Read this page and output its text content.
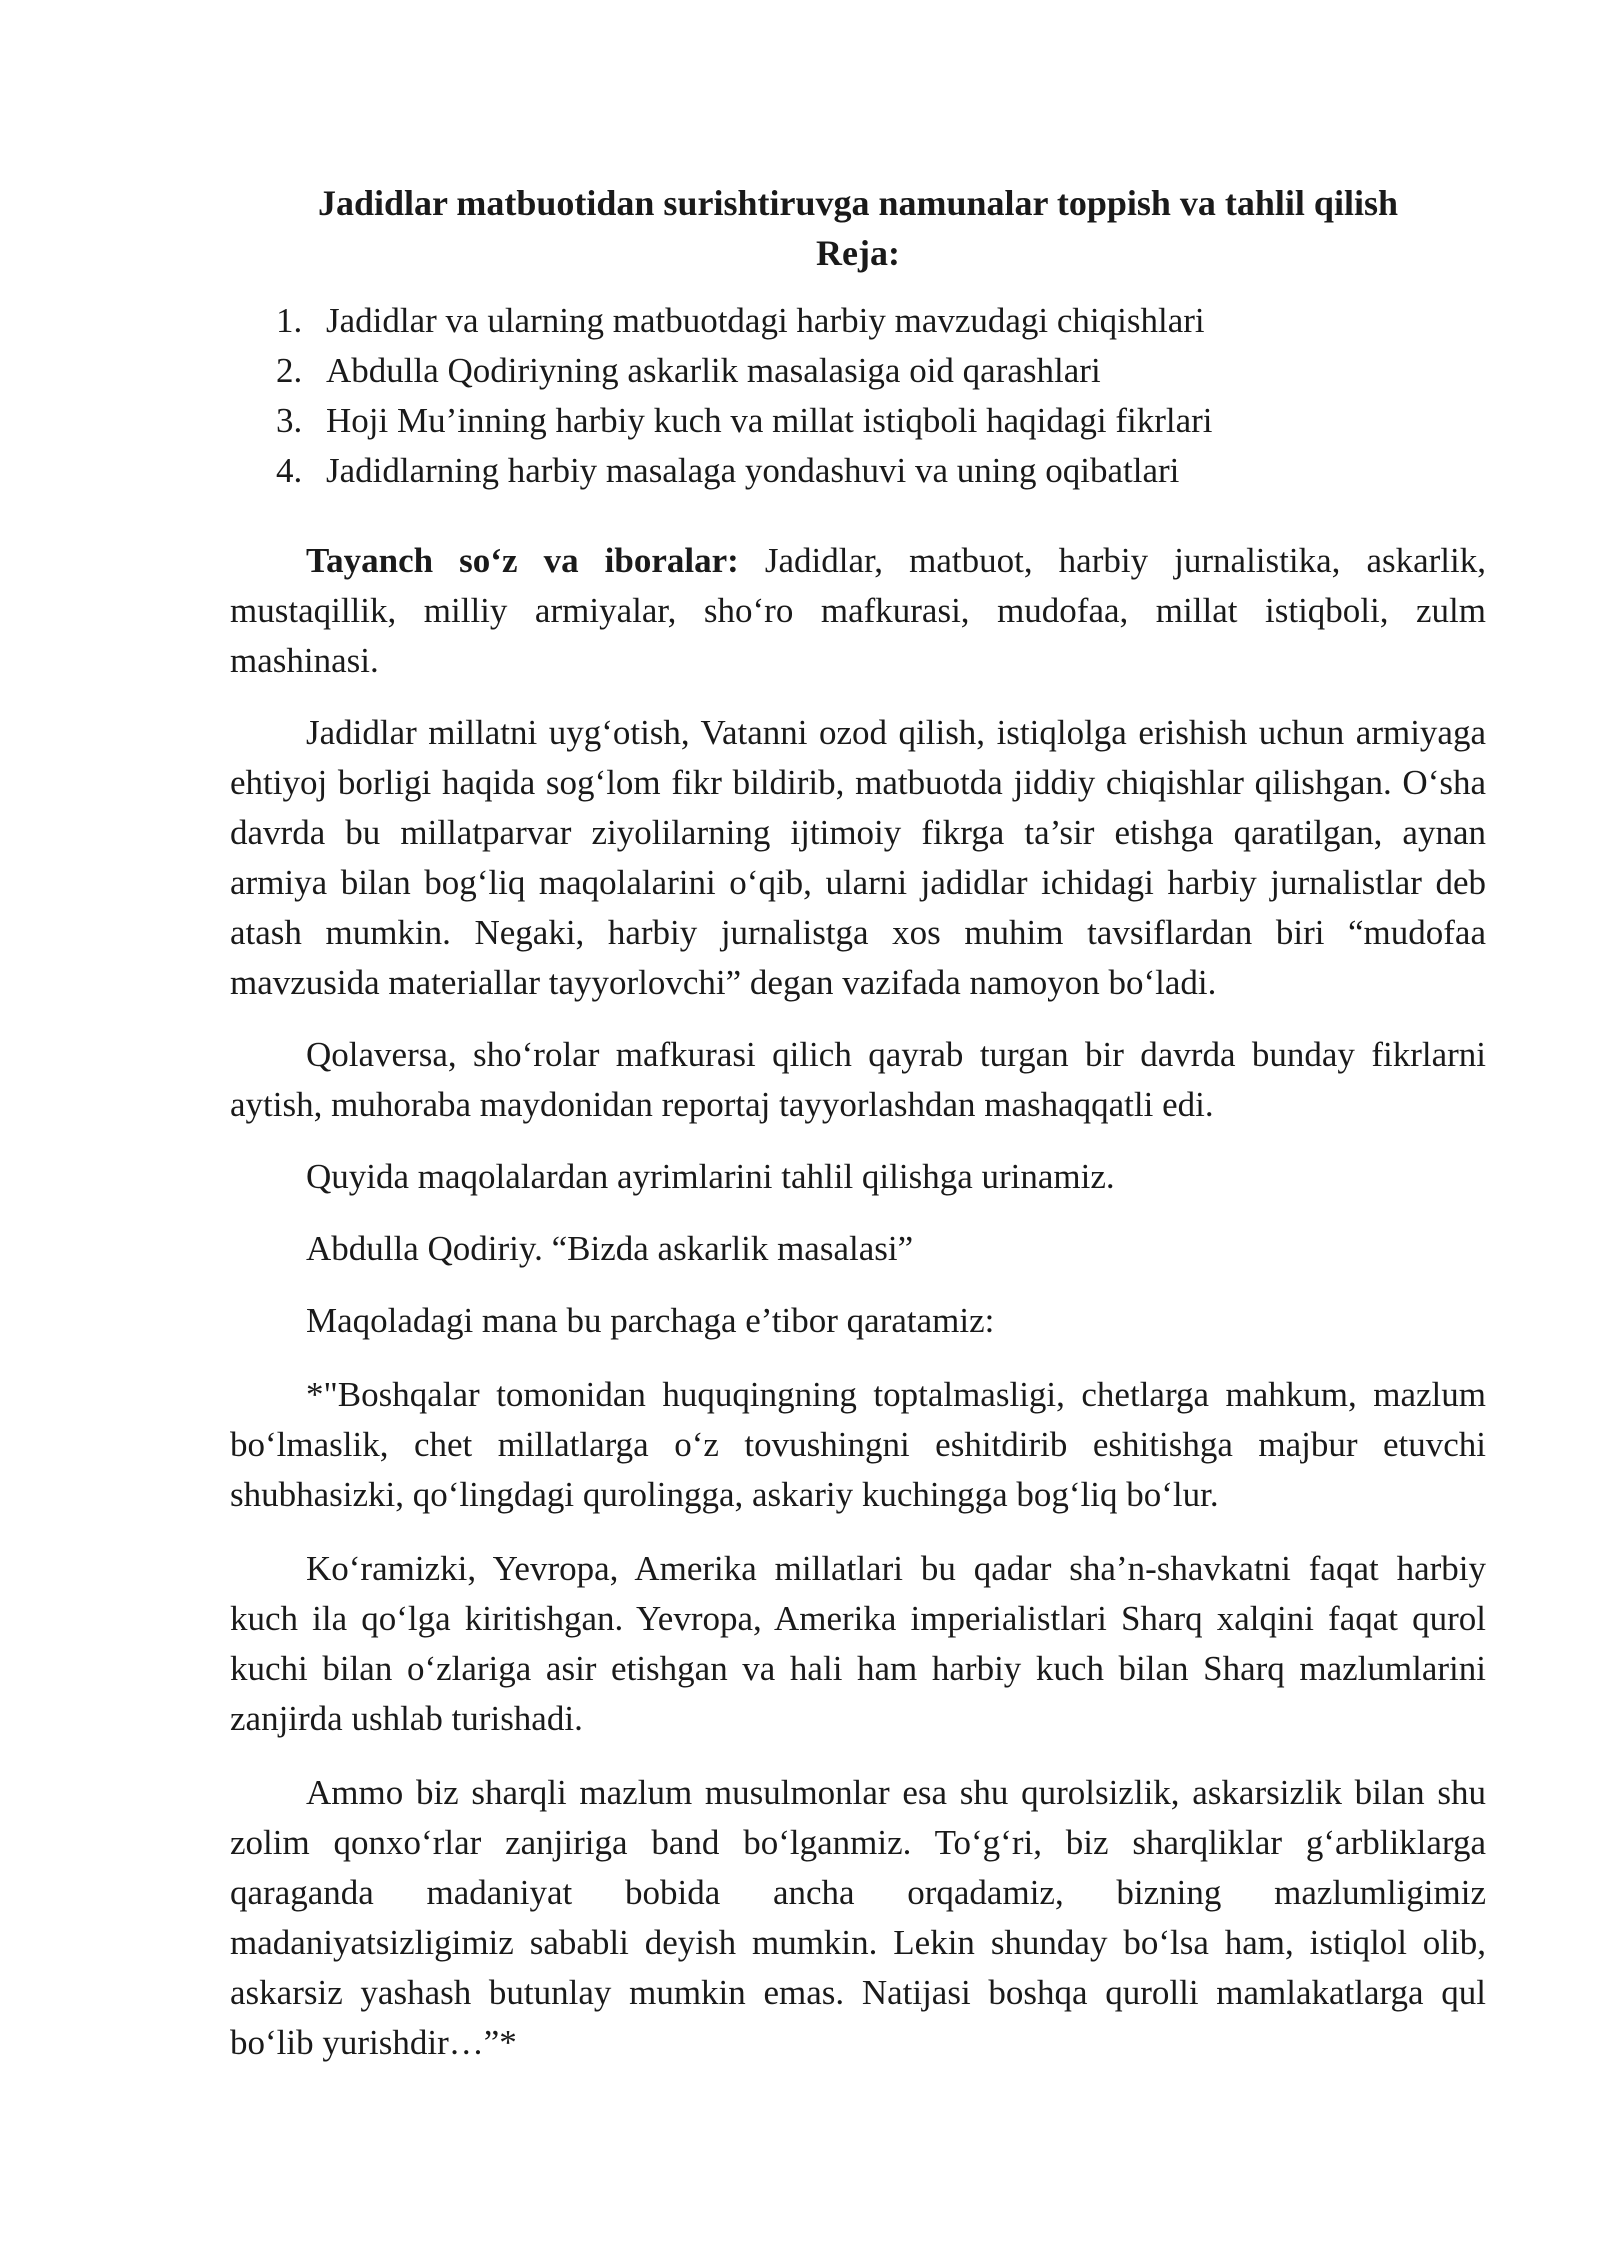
Jadidlar matbuotidan surishtiruvga namunalar toppish va tahlil qilish
Reja:
1. Jadidlar va ularning matbuotdagi harbiy mavzudagi chiqishlari
2. Abdulla Qodiriyning askarlik masalasiga oid qarashlari
3. Hoji Mu’inning harbiy kuch va millat istiqboli haqidagi fikrlari
4. Jadidlarning harbiy masalaga yondashuvi va uning oqibatlari

Tayanch so‘z va iboralar: Jadidlar, matbuot, harbiy jurnalistika, askarlik, mustaqillik, milliy armiyalar, sho‘ro mafkurasi, mudofaa, millat istiqboli, zulm mashinasi.

Jadidlar millatni uyg‘otish, Vatanni ozod qilish, istiqlolga erishish uchun armiyaga ehtiyoj borligi haqida sog‘lom fikr bildirib, matbuotda jiddiy chiqishlar qilishgan. O‘sha davrda bu millatparvar ziyolilarning ijtimoiy fikrga ta’sir etishga qaratilgan, aynan armiya bilan bog‘liq maqolalarini o‘qib, ularni jadidlar ichidagi harbiy jurnalistlar deb atash mumkin. Negaki, harbiy jurnalistga xos muhim tavsiflardan biri “mudofaa mavzusida materiallar tayyorlovchi” degan vazifada namoyon bo‘ladi.

Qolaversa, sho‘rolar mafkurasi qilich qayrab turgan bir davrda bunday fikrlarni aytish, muhoraba maydonidan reportaj tayyorlashdan mashaqqatli edi.

Quyida maqolalardan ayrimlarini tahlil qilishga urinamiz.

Abdulla Qodiriy. “Bizda askarlik masalasi”

Maqoladagi mana bu parchaga e’tibor qaratamiz:

*"Boshqalar tomonidan huquqingning toptalmasligi, chetlarga mahkum, mazlum bo‘lmaslik, chet millatlarga o‘z tovushingni eshitdirib eshitishga majbur etuvchi shubhasizki, qo‘lingdagi qurolingga, askariy kuchingga bog‘liq bo‘lur.

Ko‘ramizki, Yevropa, Amerika millatlari bu qadar sha’n-shavkatni faqat harbiy kuch ila qo‘lga kiritishgan. Yevropa, Amerika imperialistlari Sharq xalqini faqat qurol kuchi bilan o‘zlariga asir etishgan va hali ham harbiy kuch bilan Sharq mazlumlarini zanjirda ushlab turishadi.

Ammo biz sharqli mazlum musulmonlar esa shu qurolsizlik, askarsizlik bilan shu zolim qonxo‘rlar zanjiriga band bo‘lganmiz. To‘g‘ri, biz sharqliklar g‘arbliklarga qaraganda madaniyat bobida ancha orqadamiz, bizning mazlumligimiz madaniyatsizligimiz sababli deyish mumkin. Lekin shunday bo‘lsa ham, istiqlol olib, askarsiz yashash butunlay mumkin emas. Natijasi boshqa qurolli mamlakatlarga qul bo‘lib yurishdir…”*
